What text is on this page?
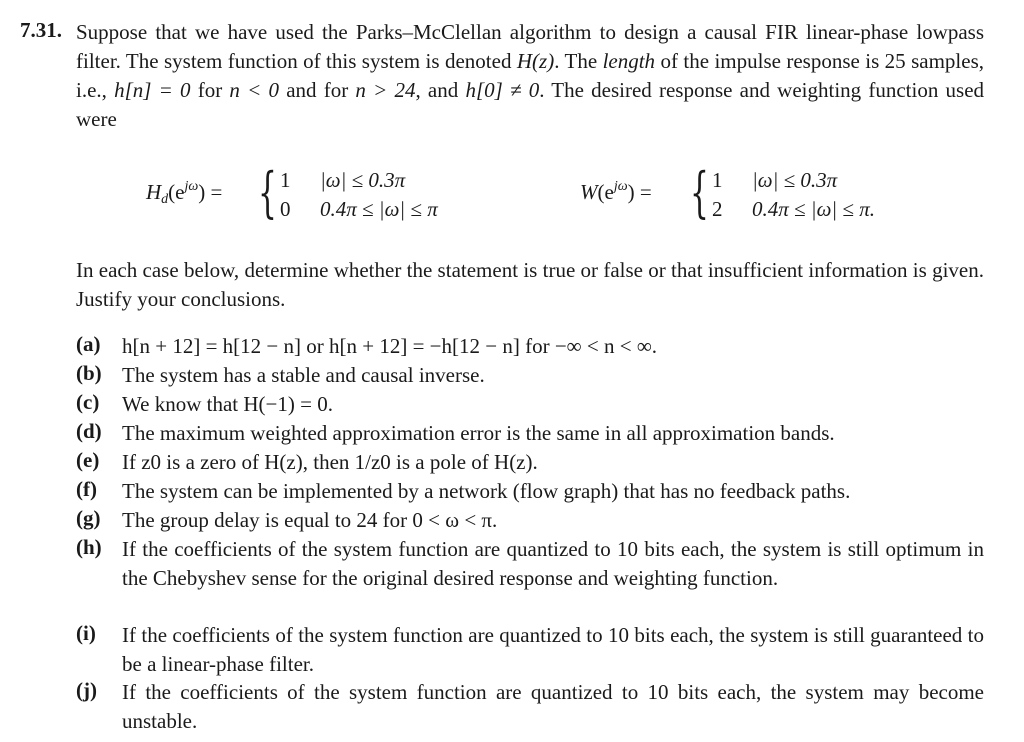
7.31. Suppose that we have used the Parks–McClellan algorithm to design a causal FIR linear-phase lowpass filter. The system function of this system is denoted H(z). The length of the impulse response is 25 samples, i.e., h[n] = 0 for n < 0 and for n > 24, and h[0] ≠ 0. The desired response and weighting function used were
$H_d(e^{j\omega})$ = { 1 |ω| ≤ 0.3π
0 0.4π ≤ |ω| ≤ π
$W(e^{j\omega})$ = { 1 |ω| ≤ 0.3π
2 0.4π ≤ |ω| ≤ π.
In each case below, determine whether the statement is true or false or that insufficient information is given. Justify your conclusions.
(a) h[n + 12] = h[12 − n] or h[n + 12] = −h[12 − n] for −∞ < n < ∞.
(b) The system has a stable and causal inverse.
(c) We know that H(−1) = 0.
(d) The maximum weighted approximation error is the same in all approximation bands.
(e) If z0 is a zero of H(z), then 1/z0 is a pole of H(z).
(f) The system can be implemented by a network (flow graph) that has no feedback paths.
(g) The group delay is equal to 24 for 0 < ω < π.
(h) If the coefficients of the system function are quantized to 10 bits each, the system is still optimum in the Chebyshev sense for the original desired response and weighting function.
(i) If the coefficients of the system function are quantized to 10 bits each, the system is still guaranteed to be a linear-phase filter.
(j) If the coefficients of the system function are quantized to 10 bits each, the system may become unstable.
